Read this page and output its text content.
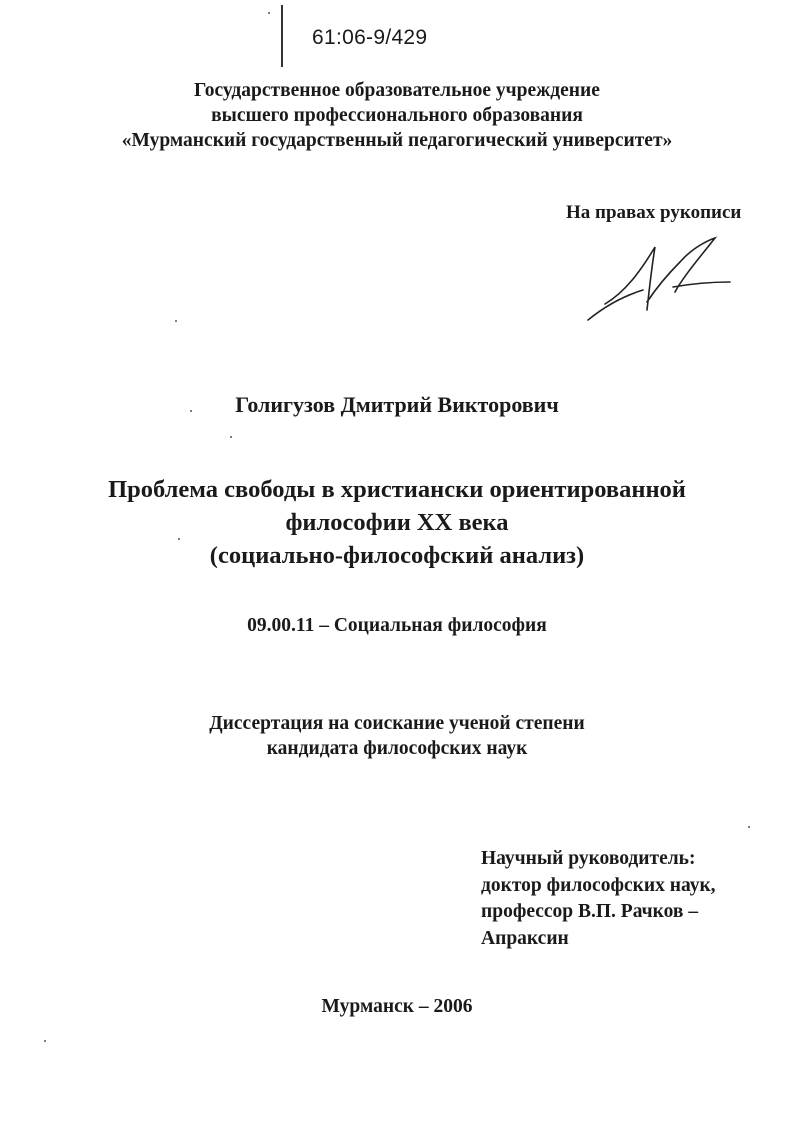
61:06-9/429
Государственное образовательное учреждение
высшего профессионального образования
«Мурманский государственный педагогический университет»
На правах рукописи
Голигузов Дмитрий Викторович
Проблема свободы в христиански ориентированной
философии XX века
(социально-философский анализ)
09.00.11 – Социальная философия
Диссертация на соискание ученой степени
кандидата философских наук
Научный руководитель:
доктор философских наук,
профессор В.П. Рачков –
Апраксин
Мурманск – 2006
